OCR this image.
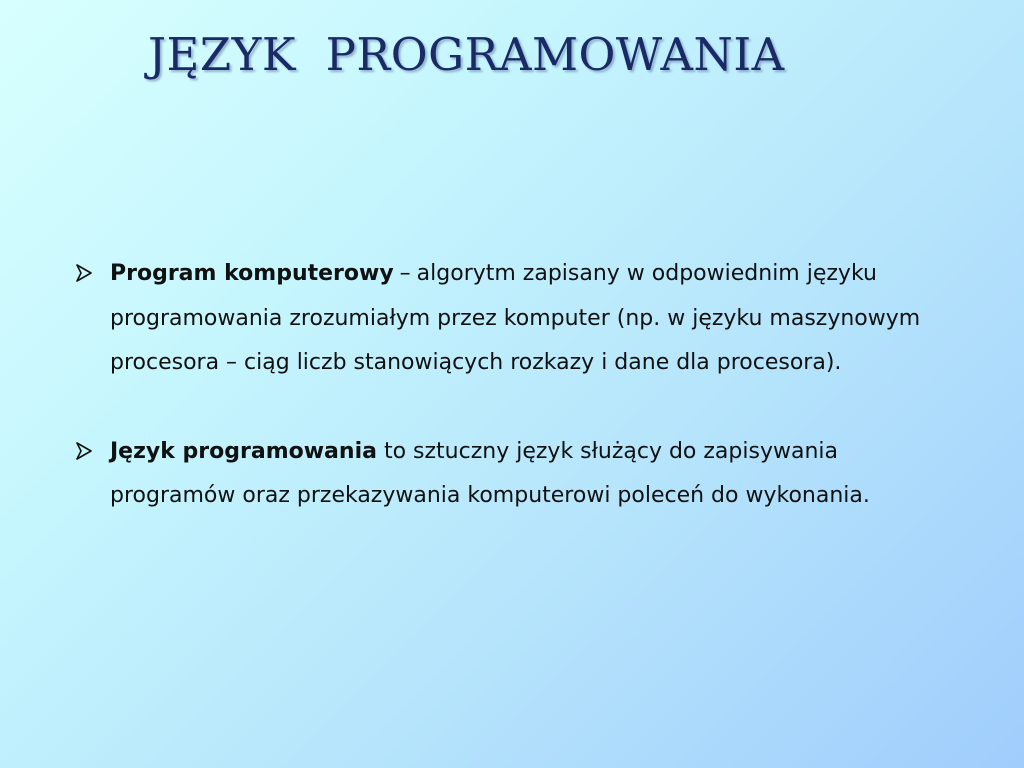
JĘZYK  PROGRAMOWANIA
Program komputerowy – algorytm zapisany w odpowiednim języku programowania zrozumiałym przez komputer (np. w języku maszynowym procesora – ciąg liczb stanowiących rozkazy i dane dla procesora).
Język programowania to sztuczny język służący do zapisywania programów oraz przekazywania komputerowi poleceń do wykonania.
